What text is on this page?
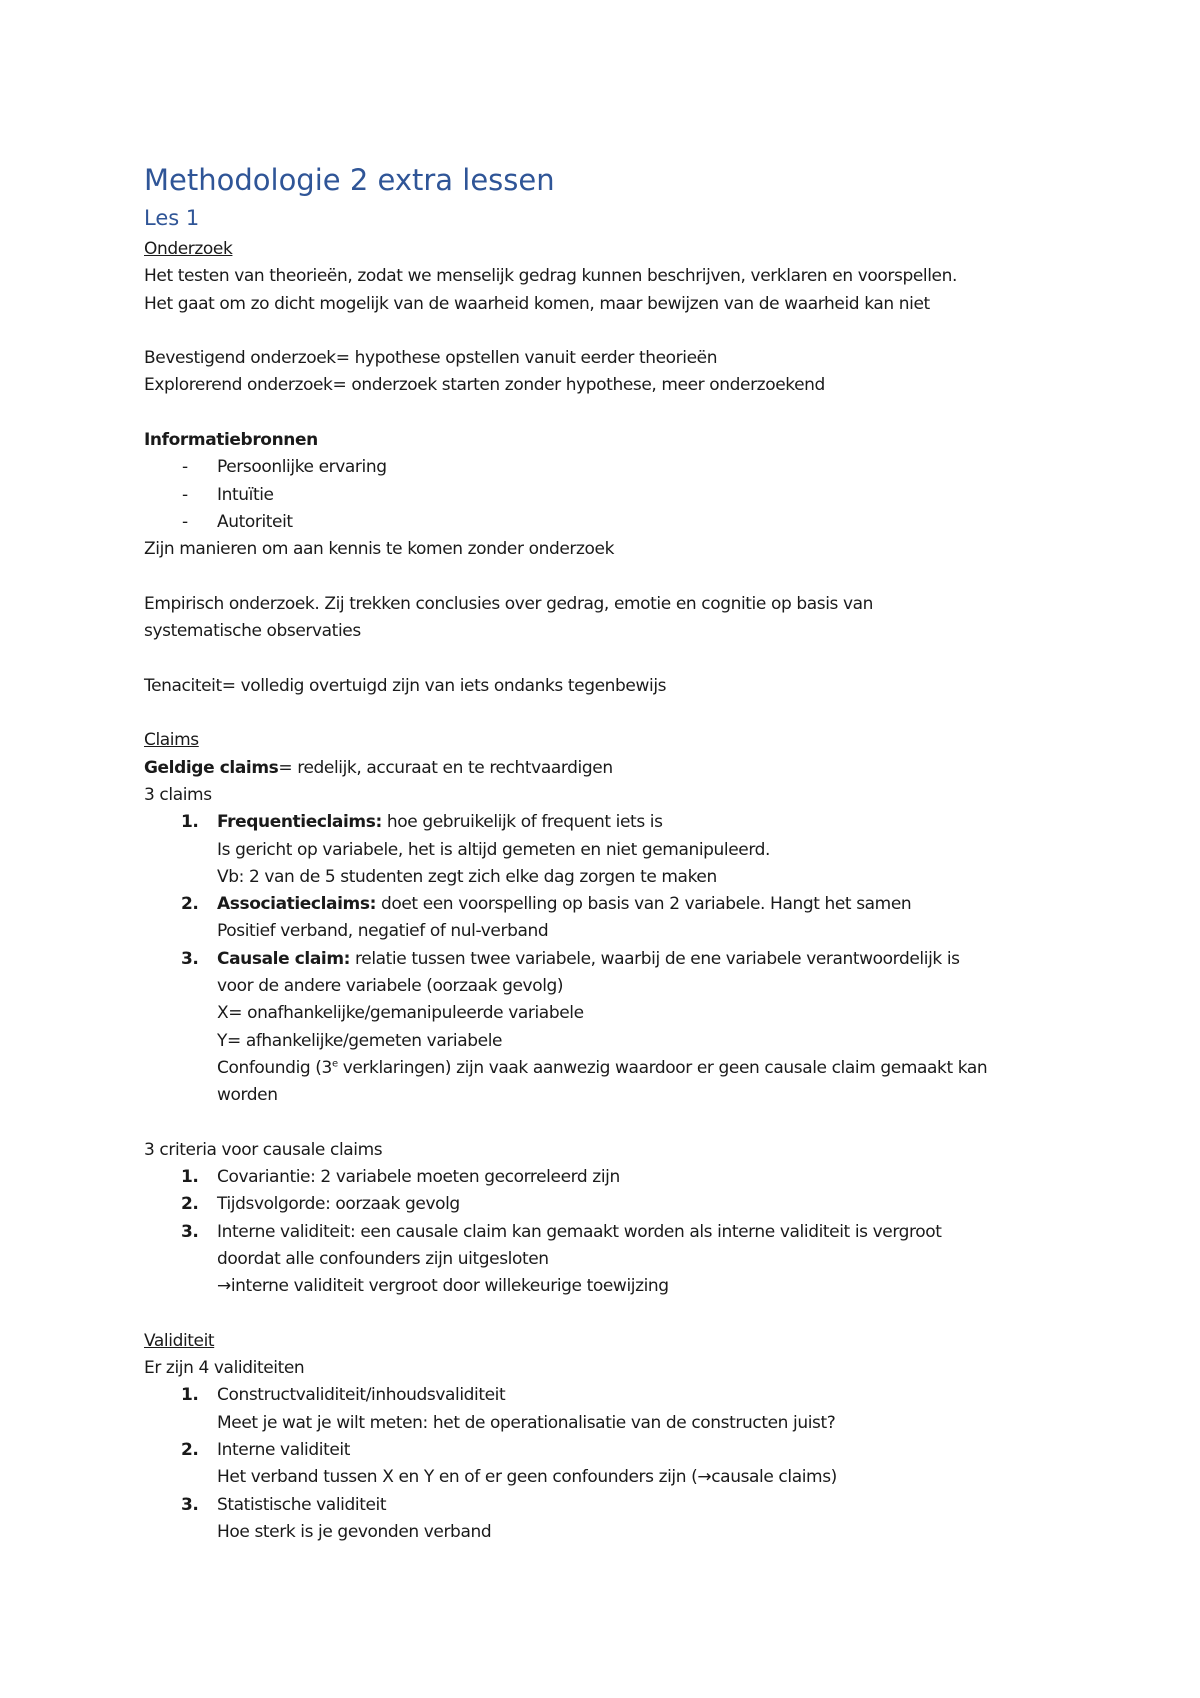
Methodologie 2 extra lessen
Les 1
Onderzoek
Het testen van theorieën, zodat we menselijk gedrag kunnen beschrijven, verklaren en voorspellen.
Het gaat om zo dicht mogelijk van de waarheid komen, maar bewijzen van de waarheid kan niet
Bevestigend onderzoek= hypothese opstellen vanuit eerder theorieën
Explorerend onderzoek= onderzoek starten zonder hypothese, meer onderzoekend
Informatiebronnen
-	Persoonlijke ervaring
-	Intuïtie
-	Autoriteit
Zijn manieren om aan kennis te komen zonder onderzoek
Empirisch onderzoek. Zij trekken conclusies over gedrag, emotie en cognitie op basis van
systematische observaties
Tenaciteit= volledig overtuigd zijn van iets ondanks tegenbewijs
Claims
Geldige claims= redelijk, accuraat en te rechtvaardigen
3 claims
1.	Frequentieclaims: hoe gebruikelijk of frequent iets is
Is gericht op variabele, het is altijd gemeten en niet gemanipuleerd.
Vb: 2 van de 5 studenten zegt zich elke dag zorgen te maken
2.	Associatieclaims: doet een voorspelling op basis van 2 variabele. Hangt het samen
Positief verband, negatief of nul-verband
3.	Causale claim: relatie tussen twee variabele, waarbij de ene variabele verantwoordelijk is
voor de andere variabele (oorzaak gevolg)
X= onafhankelijke/gemanipuleerde variabele
Y= afhankelijke/gemeten variabele
Confoundig (3e verklaringen) zijn vaak aanwezig waardoor er geen causale claim gemaakt kan
worden
3 criteria voor causale claims
1.	Covariantie: 2 variabele moeten gecorreleerd zijn
2.	Tijdsvolgorde: oorzaak gevolg
3.	Interne validiteit: een causale claim kan gemaakt worden als interne validiteit is vergroot
doordat alle confounders zijn uitgesloten
→interne validiteit vergroot door willekeurige toewijzing
Validiteit
Er zijn 4 validiteiten
1.	Constructvaliditeit/inhoudsvaliditeit
Meet je wat je wilt meten: het de operationalisatie van de constructen juist?
2.	Interne validiteit
Het verband tussen X en Y en of er geen confounders zijn (→causale claims)
3.	Statistische validiteit
Hoe sterk is je gevonden verband
